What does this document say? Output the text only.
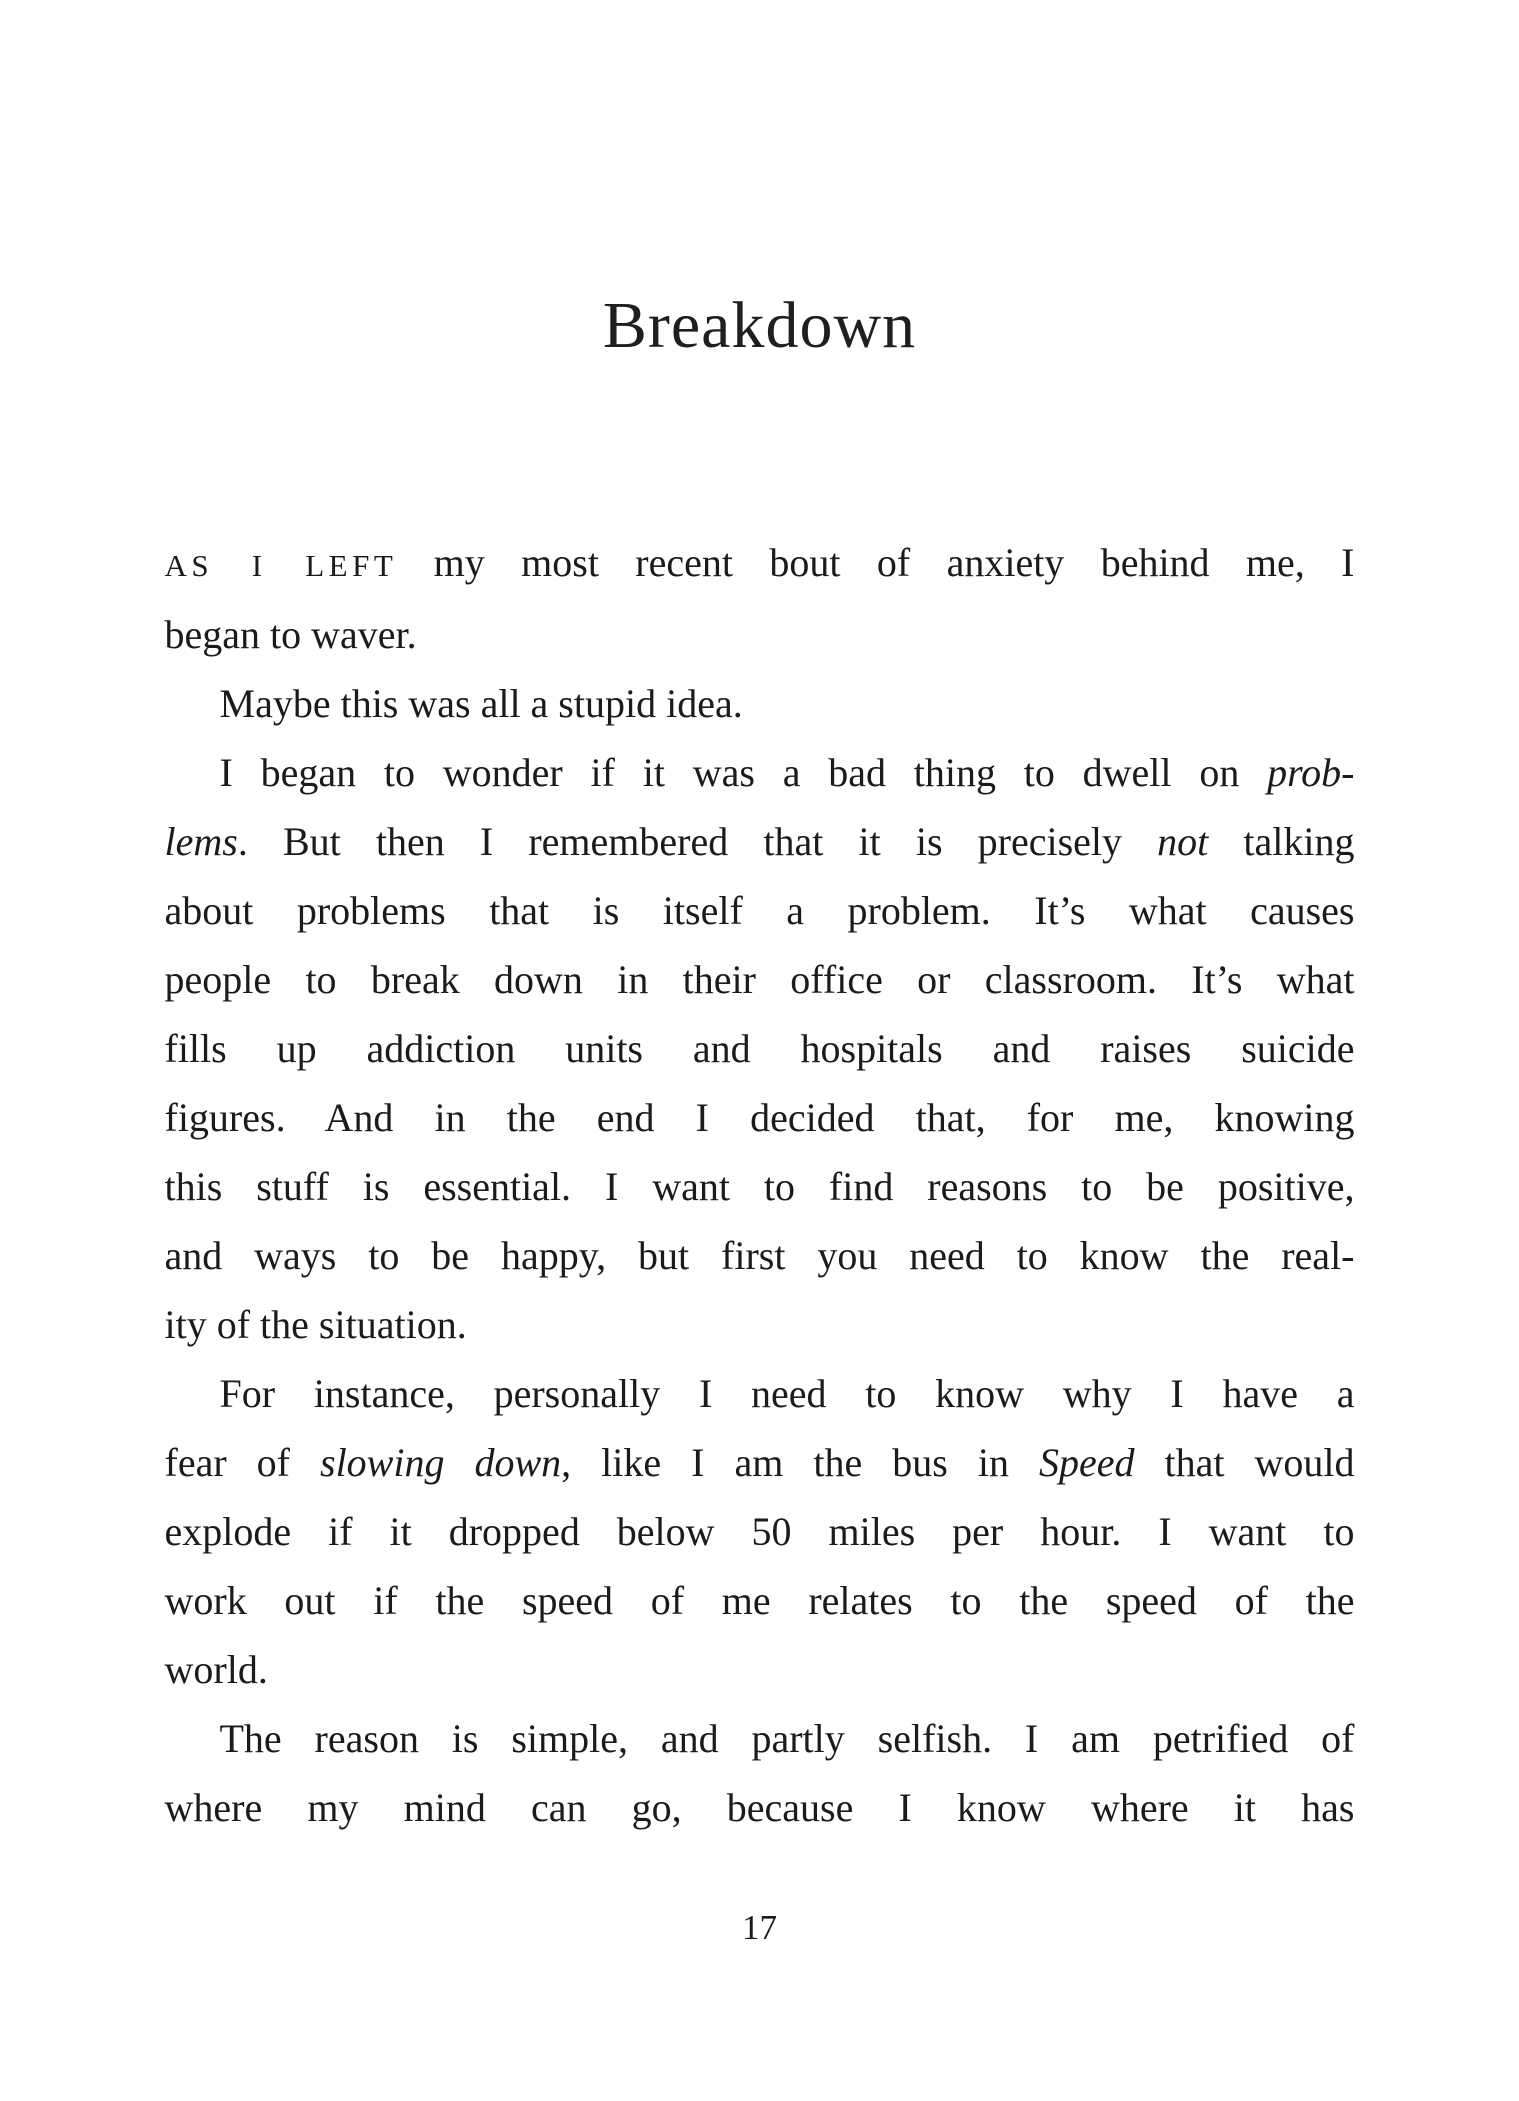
Breakdown
AS I LEFT my most recent bout of anxiety behind me, I
began to waver.
Maybe this was all a stupid idea.
I began to wonder if it was a bad thing to dwell on prob-
lems. But then I remembered that it is precisely not talking
about problems that is itself a problem. It’s what causes
people to break down in their office or classroom. It’s what
fills up addiction units and hospitals and raises suicide
figures. And in the end I decided that, for me, knowing
this stuff is essential. I want to find reasons to be positive,
and ways to be happy, but first you need to know the real-
ity of the situation.
For instance, personally I need to know why I have a
fear of slowing down, like I am the bus in Speed that would
explode if it dropped below 50 miles per hour. I want to
work out if the speed of me relates to the speed of the
world.
The reason is simple, and partly selfish. I am petrified of
where my mind can go, because I know where it has
17
